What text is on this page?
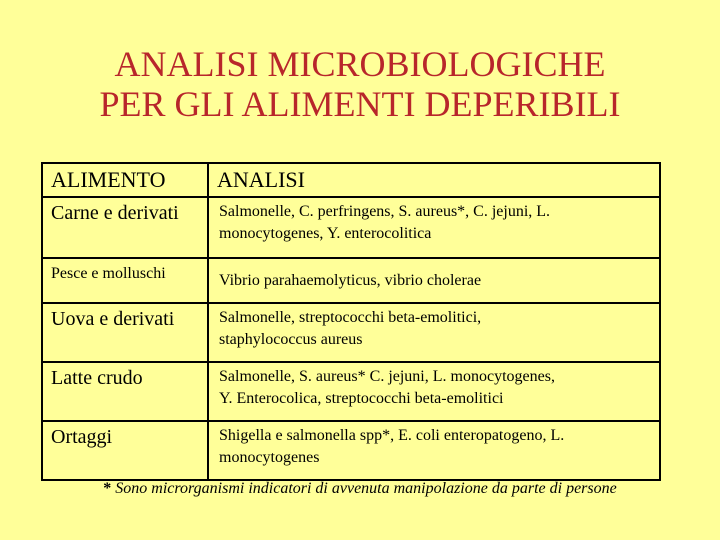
ANALISI MICROBIOLOGICHE
PER GLI ALIMENTI DEPERIBILI
ALIMENTO	ANALISI
Carne e derivati	Salmonelle, C. perfringens, S. aureus*, C. jejuni, L.
monocytogenes, Y. enterocolitica

Pesce e molluschi	Vibrio parahaemolyticus, vibrio cholerae

Uova e derivati	Salmonelle, streptococchi beta-emolitici,
staphylococcus aureus

Latte crudo	Salmonelle, S. aureus* C. jejuni, L. monocytogenes,
Y. Enterocolica, streptococchi beta-emolitici

Ortaggi	Shigella e salmonella spp*, E. coli enteropatogeno, L.
monocytogenes
* Sono microrganismi indicatori di avvenuta manipolazione da parte di persone
